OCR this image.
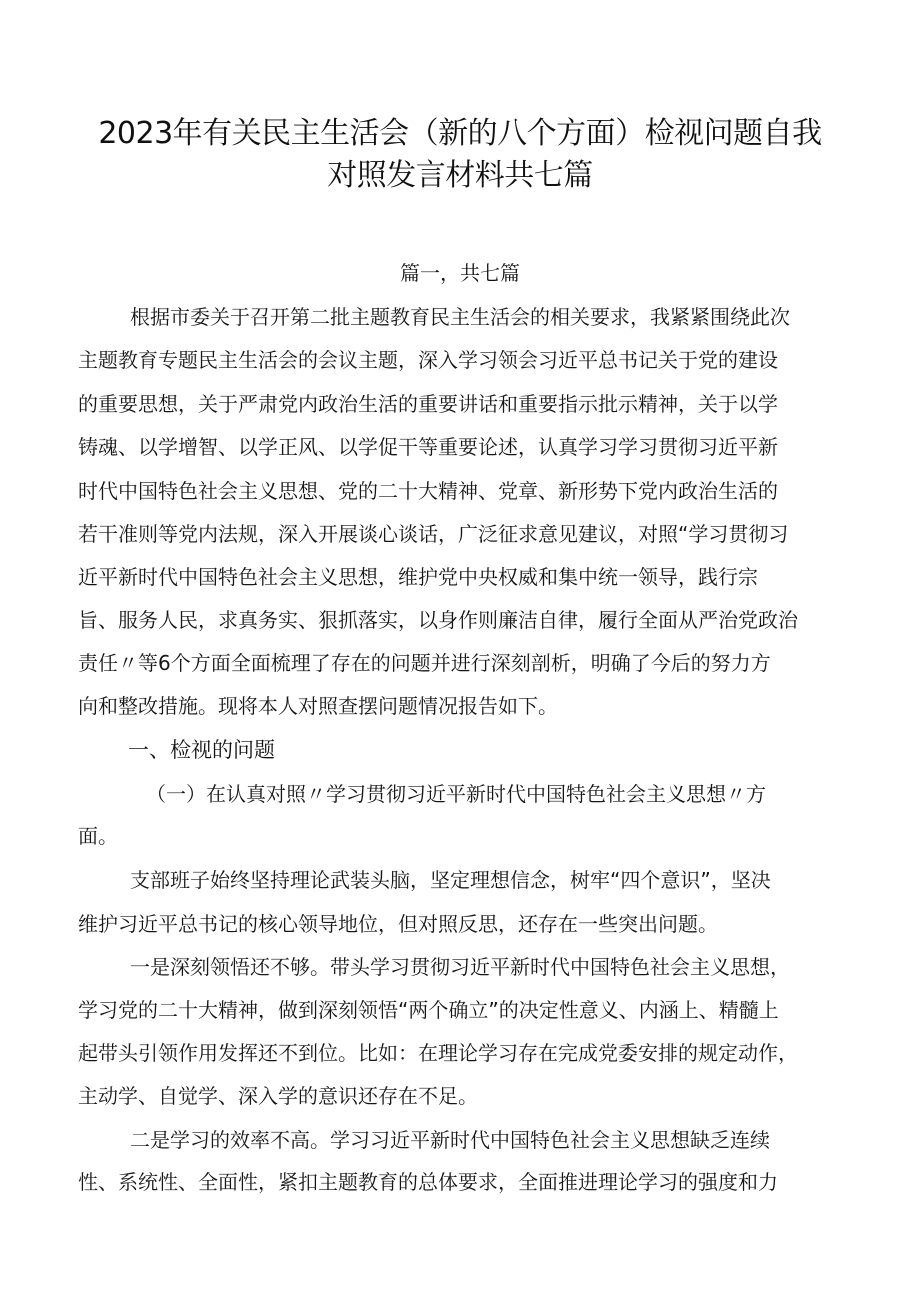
2023年有关民主生活会（新的八个方面）检视问题自我
对照发言材料共七篇
篇一，共七篇
根据市委关于召开第二批主题教育民主生活会的相关要求，我紧紧围绕此次
主题教育专题民主生活会的会议主题，深入学习领会习近平总书记关于党的建设
的重要思想，关于严肃党内政治生活的重要讲话和重要指示批示精神，关于以学
铸魂、以学增智、以学正风、以学促干等重要论述，认真学习学习贯彻习近平新
时代中国特色社会主义思想、党的二十大精神、党章、新形势下党内政治生活的
若干准则等党内法规，深入开展谈心谈话，广泛征求意见建议，对照“学习贯彻习
近平新时代中国特色社会主义思想，维护党中央权威和集中统一领导，践行宗
旨、服务人民，求真务实、狠抓落实，以身作则廉洁自律，履行全面从严治党政治
责任〃等6个方面全面梳理了存在的问题并进行深刻剖析，明确了今后的努力方
向和整改措施。现将本人对照查摆问题情况报告如下。
一、检视的问题
（一）在认真对照〃学习贯彻习近平新时代中国特色社会主义思想〃方
面。
支部班子始终坚持理论武装头脑，坚定理想信念，树牢“四个意识”，坚决
维护习近平总书记的核心领导地位，但对照反思，还存在一些突出问题。
一是深刻领悟还不够。带头学习贯彻习近平新时代中国特色社会主义思想，
学习党的二十大精神，做到深刻领悟“两个确立”的决定性意义、内涵上、精髓上
起带头引领作用发挥还不到位。比如：在理论学习存在完成党委安排的规定动作，
主动学、自觉学、深入学的意识还存在不足。
二是学习的效率不高。学习习近平新时代中国特色社会主义思想缺乏连续
性、系统性、全面性，紧扣主题教育的总体要求，全面推进理论学习的强度和力
